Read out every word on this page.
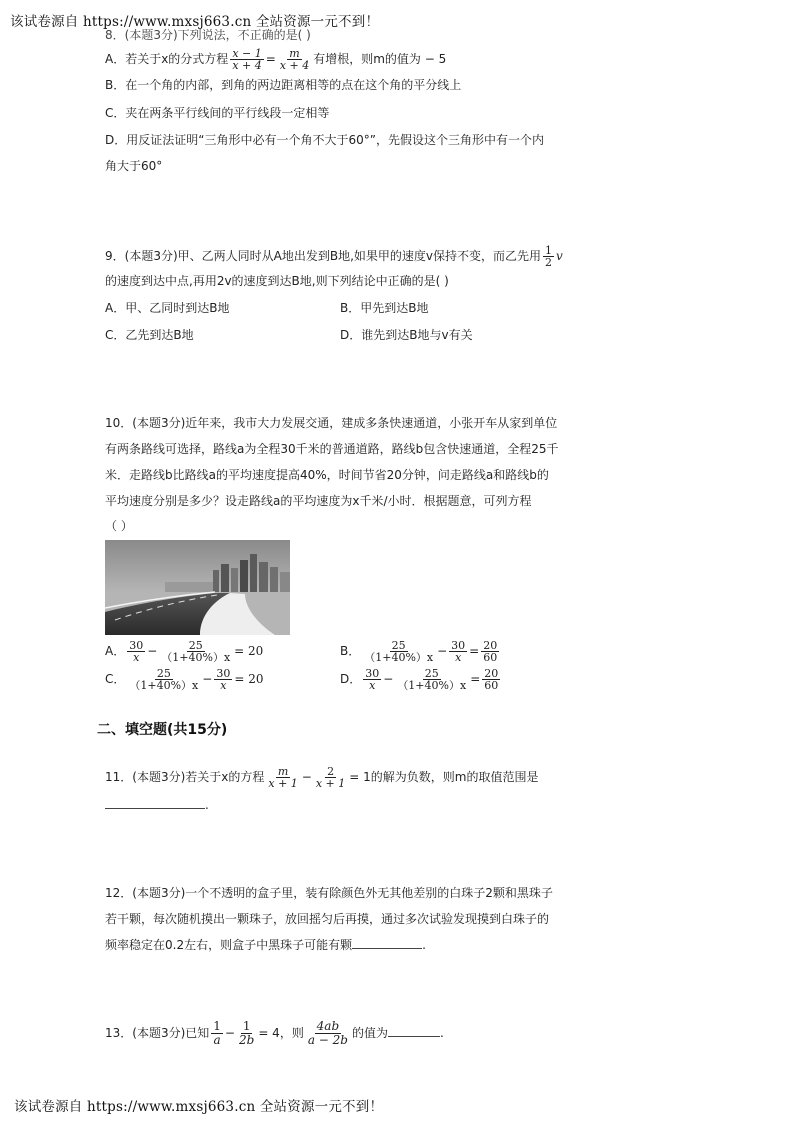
该试卷源自 https://www.mxsj663.cn 全站资源一元不到！
8．(本题3分)下列说法，不正确的是( )
A．若关于x的分式方程 $\frac{x - 1}{x + 4} = \frac{m}{x + 4}$ 有增根，则m的值为 − 5
B．在一个角的内部，到角的两边距离相等的点在这个角的平分线上
C．夹在两条平行线间的平行线段一定相等
D．用反证法证明“三角形中必有一个角不大于60°”，先假设这个三角形中有一个内
角大于60°
9．(本题3分)甲、乙两人同时从A地出发到B地,如果甲的速度v保持不变，而乙先用 $\frac{1}{2}$ v
的速度到达中点,再用2v的速度到达B地,则下列结论中正确的是( )
A．甲、乙同时到达B地	B．甲先到达B地
C．乙先到达B地	D．谁先到达B地与v有关
10．(本题3分)近年来，我市大力发展交通，建成多条快速通道，小张开车从家到单位
有两条路线可选择，路线a为全程30千米的普通道路，路线b包含快速通道，全程25千
米．走路线b比路线a的平均速度提高40%，时间节省20分钟，问走路线a和路线b的
平均速度分别是多少？设走路线a的平均速度为x千米/小时．根据题意，可列方程
（ ）
A． $\frac{30}{x} - \frac{25}{(1+40\%)x} = 20$	B． $\frac{25}{(1+40\%)x} - \frac{30}{x} = \frac{20}{60}$
C． $\frac{25}{(1+40\%)x} - \frac{30}{x} = 20$	D． $\frac{30}{x} - \frac{25}{(1+40\%)x} = \frac{20}{60}$
二、填空题(共15分)
11．(本题3分)若关于x的方程 $\frac{m}{x + 1} - \frac{2}{x + 1} = 1$的解为负数，则m的取值范围是
.
12．(本题3分)一个不透明的盒子里，装有除颜色外无其他差别的白珠子2颗和黑珠子
若干颗，每次随机摸出一颗珠子，放回摇匀后再摸，通过多次试验发现摸到白珠子的
频率稳定在0.2左右，则盒子中黑珠子可能有颗	.
13．(本题3分)已知 $\frac{1}{a} - \frac{1}{2b} = 4$，则 $\frac{4ab}{a - 2b}$ 的值为	.
该试卷源自 https://www.mxsj663.cn 全站资源一元不到！
